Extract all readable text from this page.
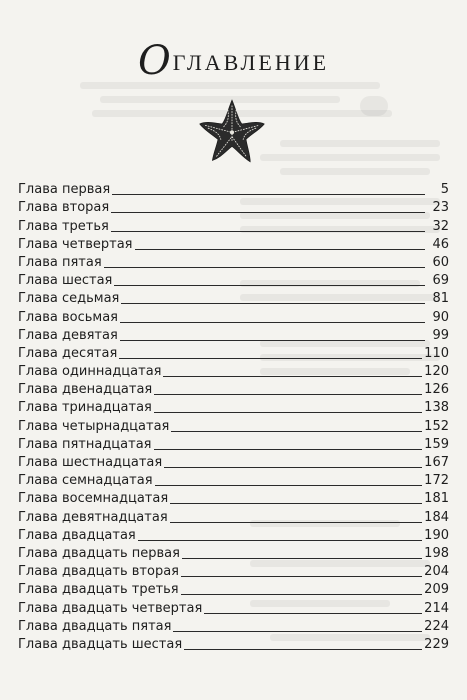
ОГЛАВЛЕНИЕ
Глава первая	5
Глава вторая	23
Глава третья	32
Глава четвертая	46
Глава пятая	60
Глава шестая	69
Глава седьмая	81
Глава восьмая	90
Глава девятая	99
Глава десятая	110
Глава одиннадцатая	120
Глава двенадцатая	126
Глава тринадцатая	138
Глава четырнадцатая	152
Глава пятнадцатая	159
Глава шестнадцатая	167
Глава семнадцатая	172
Глава восемнадцатая	181
Глава девятнадцатая	184
Глава двадцатая	190
Глава двадцать первая	198
Глава двадцать вторая	204
Глава двадцать третья	209
Глава двадцать четвертая	214
Глава двадцать пятая	224
Глава двадцать шестая	229
